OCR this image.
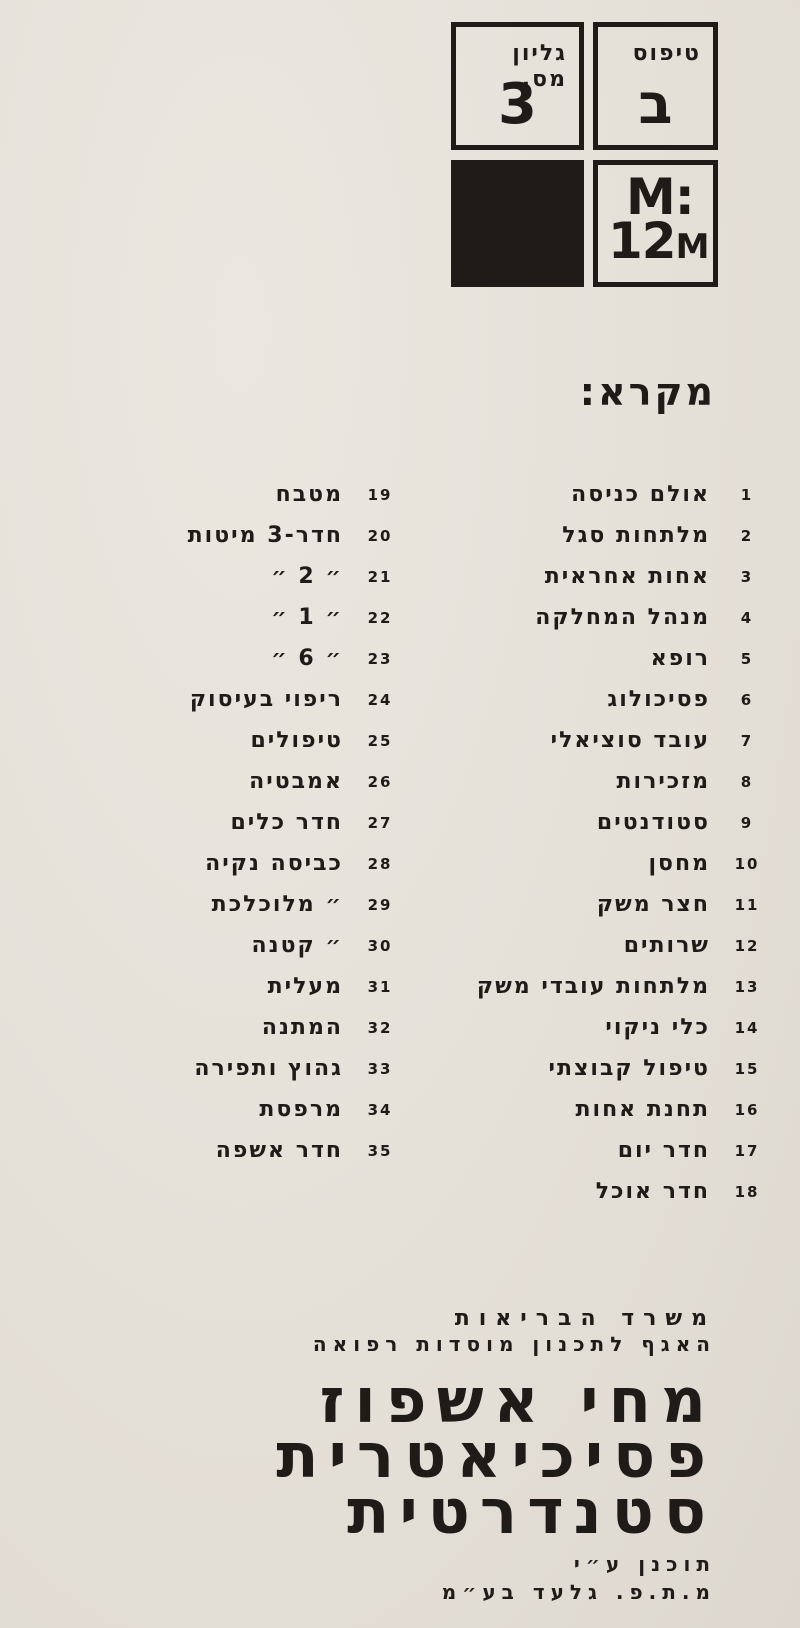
טיפוס
ב
גליון מס.
3
M:
12M
מקרא:
1
אולם כניסה
2
מלתחות סגל
3
אחות אחראית
4
מנהל המחלקה
5
רופא
6
פסיכולוג
7
עובד סוציאלי
8
מזכירות
9
סטודנטים
10
מחסן
11
חצר משק
12
שרותים
13
מלתחות עובדי משק
14
כלי ניקוי
15
טיפול קבוצתי
16
תחנת אחות
17
חדר יום
18
חדר אוכל
19
מטבח
20
חדר-3 מיטות
21
״ 2 ״
22
״ 1 ״
23
״ 6 ״
24
ריפוי בעיסוק
25
טיפולים
26
אמבטיה
27
חדר כלים
28
כביסה נקיה
29
״ מלוכלכת
30
״ קטנה
31
מעלית
32
המתנה
33
גהוץ ותפירה
34
מרפסת
35
חדר אשפה
משרד הבריאות
האגף לתכנון מוסדות רפואה
מחי אשפוז
פסיכיאטרית
סטנדרטית
תוכנן ע״י
מ.ת.פ. גלעד בע״מ
